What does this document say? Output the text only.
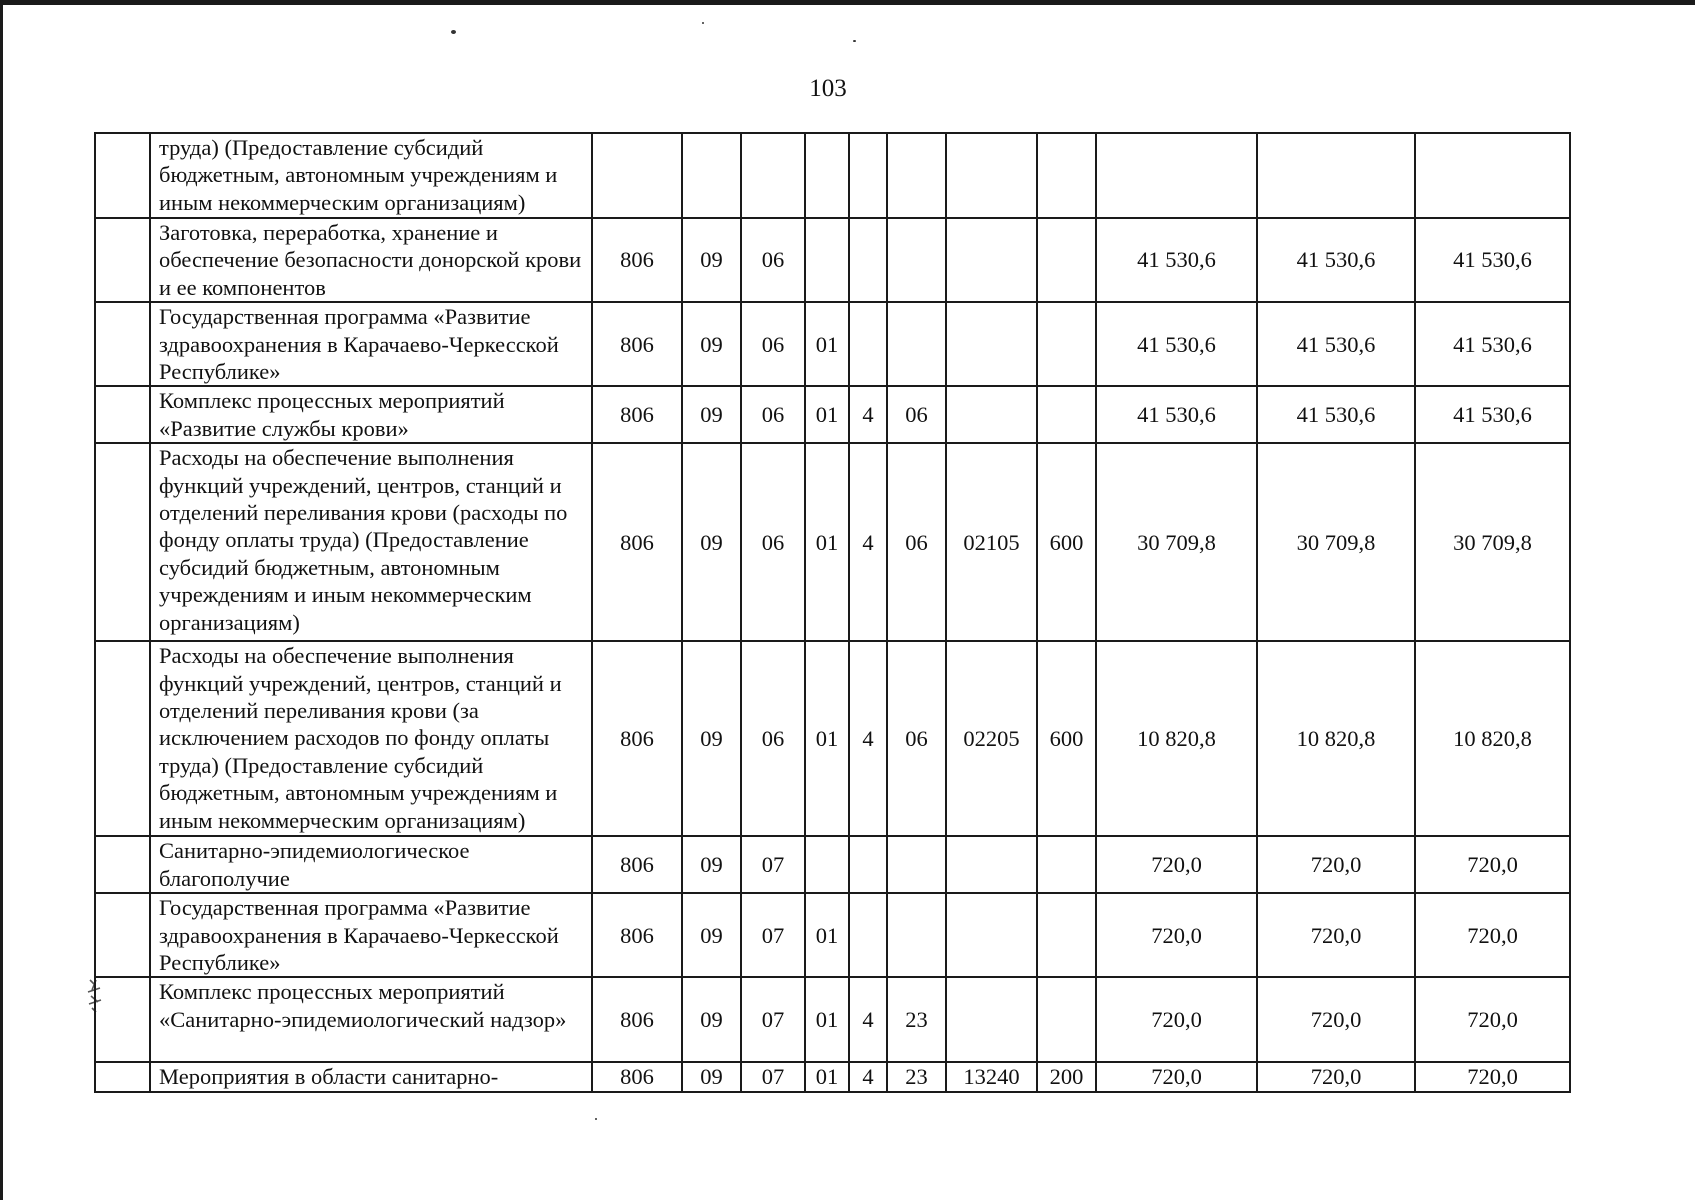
103
	труда) (Предоставление субсидий бюджетным, автономным учреждениям и иным некоммерческим организациям)											
	Заготовка, переработка, хранение и обеспечение безопасности донорской крови и ее компонентов	806	09	06						41 530,6	41 530,6	41 530,6
	Государственная программа «Развитие здравоохранения в Карачаево-Черкесской Республике»	806	09	06	01					41 530,6	41 530,6	41 530,6
	Комплекс процессных мероприятий «Развитие службы крови»	806	09	06	01	4	06			41 530,6	41 530,6	41 530,6
	Расходы на обеспечение выполнения функций учреждений, центров, станций и отделений переливания крови (расходы по фонду оплаты труда) (Предоставление субсидий бюджетным, автономным учреждениям и иным некоммерческим организациям)	806	09	06	01	4	06	02105	600	30 709,8	30 709,8	30 709,8
	Расходы на обеспечение выполнения функций учреждений, центров, станций и отделений переливания крови (за исключением расходов по фонду оплаты труда) (Предоставление субсидий бюджетным, автономным учреждениям и иным некоммерческим организациям)	806	09	06	01	4	06	02205	600	10 820,8	10 820,8	10 820,8
	Санитарно-эпидемиологическое благополучие	806	09	07						720,0	720,0	720,0
	Государственная программа «Развитие здравоохранения в Карачаево-Черкесской Республике»	806	09	07	01					720,0	720,0	720,0
	Комплекс процессных мероприятий «Санитарно-эпидемиологический надзор»	806	09	07	01	4	23			720,0	720,0	720,0
	Мероприятия в области санитарно-	806	09	07	01	4	23	13240	200	720,0	720,0	720,0
